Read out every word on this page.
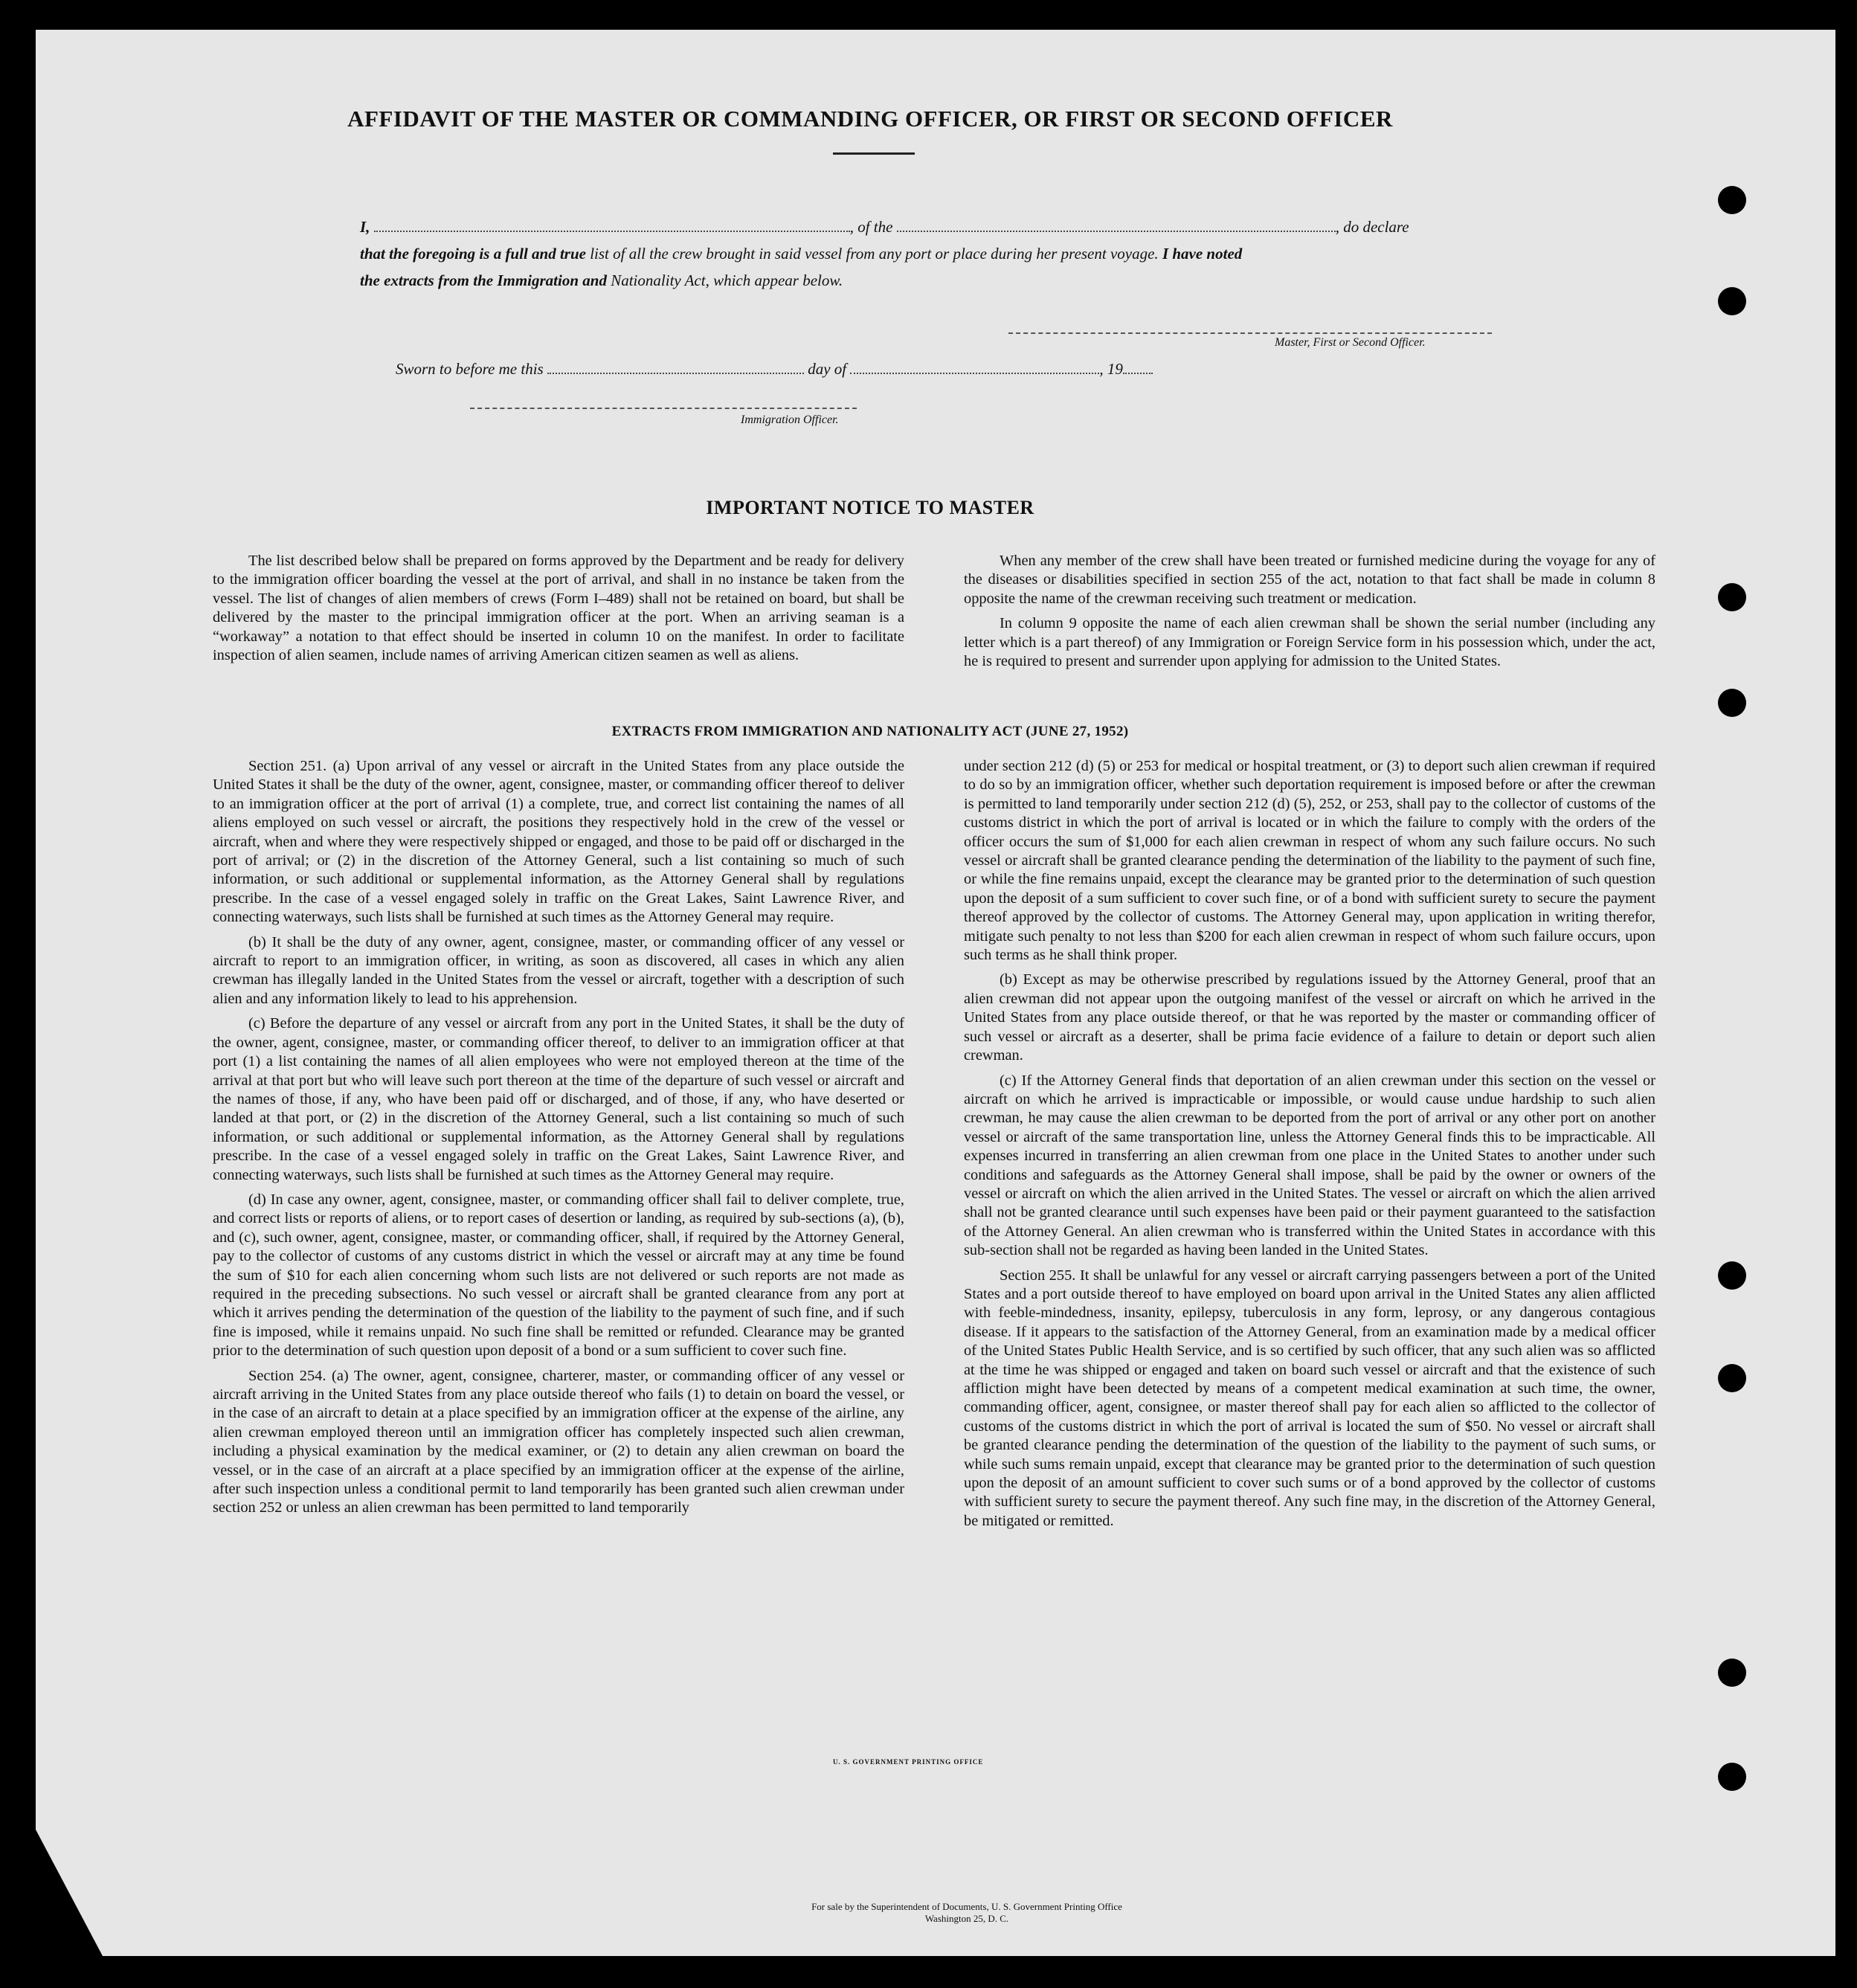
AFFIDAVIT OF THE MASTER OR COMMANDING OFFICER, OR FIRST OR SECOND OFFICER
I,	, of the	, do declare
that the foregoing is a full and true list of all the crew brought in said vessel from any port or place during her present voyage. I have noted
the extracts from the Immigration and Nationality Act, which appear below.
Master, First or Second Officer.
Sworn to before me this	day of	, 19
Immigration Officer.
IMPORTANT NOTICE TO MASTER

The list described below shall be prepared on forms approved by the Department and be ready for delivery to the immigration officer boarding the vessel at the port of arrival, and shall in no instance be taken from the vessel. The list of changes of alien members of crews (Form I–489) shall not be retained on board, but shall be delivered by the master to the principal immigration officer at the port. When an arriving seaman is a “workaway” a notation to that effect should be inserted in column 10 on the manifest. In order to facilitate inspection of alien seamen, include names of arriving American citizen seamen as well as aliens.

When any member of the crew shall have been treated or furnished medicine during the voyage for any of the diseases or disabilities specified in section 255 of the act, notation to that fact shall be made in column 8 opposite the name of the crewman receiving such treatment or medication.

In column 9 opposite the name of each alien crewman shall be shown the serial number (including any letter which is a part thereof) of any Immigration or Foreign Service form in his possession which, under the act, he is required to present and surrender upon applying for admission to the United States.

EXTRACTS FROM IMMIGRATION AND NATIONALITY ACT (JUNE 27, 1952)

Section 251. (a) Upon arrival of any vessel or aircraft in the United States from any place outside the United States it shall be the duty of the owner, agent, consignee, master, or commanding officer thereof to deliver to an immigration officer at the port of arrival (1) a complete, true, and correct list containing the names of all aliens employed on such vessel or aircraft, the positions they respectively hold in the crew of the vessel or aircraft, when and where they were respectively shipped or engaged, and those to be paid off or discharged in the port of arrival; or (2) in the discretion of the Attorney General, such a list containing so much of such information, or such additional or supplemental information, as the Attorney General shall by regulations prescribe. In the case of a vessel engaged solely in traffic on the Great Lakes, Saint Lawrence River, and connecting waterways, such lists shall be furnished at such times as the Attorney General may require.

(b) It shall be the duty of any owner, agent, consignee, master, or commanding officer of any vessel or aircraft to report to an immigration officer, in writing, as soon as discovered, all cases in which any alien crewman has illegally landed in the United States from the vessel or aircraft, together with a description of such alien and any information likely to lead to his apprehension.

(c) Before the departure of any vessel or aircraft from any port in the United States, it shall be the duty of the owner, agent, consignee, master, or commanding officer thereof, to deliver to an immigration officer at that port (1) a list containing the names of all alien employees who were not employed thereon at the time of the arrival at that port but who will leave such port thereon at the time of the departure of such vessel or aircraft and the names of those, if any, who have been paid off or discharged, and of those, if any, who have deserted or landed at that port, or (2) in the discretion of the Attorney General, such a list containing so much of such information, or such additional or supplemental information, as the Attorney General shall by regulations prescribe. In the case of a vessel engaged solely in traffic on the Great Lakes, Saint Lawrence River, and connecting waterways, such lists shall be furnished at such times as the Attorney General may require.

(d) In case any owner, agent, consignee, master, or commanding officer shall fail to deliver complete, true, and correct lists or reports of aliens, or to report cases of desertion or landing, as required by sub-sections (a), (b), and (c), such owner, agent, consignee, master, or commanding officer, shall, if required by the Attorney General, pay to the collector of customs of any customs district in which the vessel or aircraft may at any time be found the sum of $10 for each alien concerning whom such lists are not delivered or such reports are not made as required in the preceding subsections. No such vessel or aircraft shall be granted clearance from any port at which it arrives pending the determination of the question of the liability to the payment of such fine, and if such fine is imposed, while it remains unpaid. No such fine shall be remitted or refunded. Clearance may be granted prior to the determination of such question upon deposit of a bond or a sum sufficient to cover such fine.

Section 254. (a) The owner, agent, consignee, charterer, master, or commanding officer of any vessel or aircraft arriving in the United States from any place outside thereof who fails (1) to detain on board the vessel, or in the case of an aircraft to detain at a place specified by an immigration officer at the expense of the airline, any alien crewman employed thereon until an immigration officer has completely inspected such alien crewman, including a physical examination by the medical examiner, or (2) to detain any alien crewman on board the vessel, or in the case of an aircraft at a place specified by an immigration officer at the expense of the airline, after such inspection unless a conditional permit to land temporarily has been granted such alien crewman under section 252 or unless an alien crewman has been permitted to land temporarily

under section 212 (d) (5) or 253 for medical or hospital treatment, or (3) to deport such alien crewman if required to do so by an immigration officer, whether such deportation requirement is imposed before or after the crewman is permitted to land temporarily under section 212 (d) (5), 252, or 253, shall pay to the collector of customs of the customs district in which the port of arrival is located or in which the failure to comply with the orders of the officer occurs the sum of $1,000 for each alien crewman in respect of whom any such failure occurs. No such vessel or aircraft shall be granted clearance pending the determination of the liability to the payment of such fine, or while the fine remains unpaid, except the clearance may be granted prior to the determination of such question upon the deposit of a sum sufficient to cover such fine, or of a bond with sufficient surety to secure the payment thereof approved by the collector of customs. The Attorney General may, upon application in writing therefor, mitigate such penalty to not less than $200 for each alien crewman in respect of whom such failure occurs, upon such terms as he shall think proper.

(b) Except as may be otherwise prescribed by regulations issued by the Attorney General, proof that an alien crewman did not appear upon the outgoing manifest of the vessel or aircraft on which he arrived in the United States from any place outside thereof, or that he was reported by the master or commanding officer of such vessel or aircraft as a deserter, shall be prima facie evidence of a failure to detain or deport such alien crewman.

(c) If the Attorney General finds that deportation of an alien crewman under this section on the vessel or aircraft on which he arrived is impracticable or impossible, or would cause undue hardship to such alien crewman, he may cause the alien crewman to be deported from the port of arrival or any other port on another vessel or aircraft of the same transportation line, unless the Attorney General finds this to be impracticable. All expenses incurred in transferring an alien crewman from one place in the United States to another under such conditions and safeguards as the Attorney General shall impose, shall be paid by the owner or owners of the vessel or aircraft on which the alien arrived in the United States. The vessel or aircraft on which the alien arrived shall not be granted clearance until such expenses have been paid or their payment guaranteed to the satisfaction of the Attorney General. An alien crewman who is transferred within the United States in accordance with this sub-section shall not be regarded as having been landed in the United States.

Section 255. It shall be unlawful for any vessel or aircraft carrying passengers between a port of the United States and a port outside thereof to have employed on board upon arrival in the United States any alien afflicted with feeble-mindedness, insanity, epilepsy, tuberculosis in any form, leprosy, or any dangerous contagious disease. If it appears to the satisfaction of the Attorney General, from an examination made by a medical officer of the United States Public Health Service, and is so certified by such officer, that any such alien was so afflicted at the time he was shipped or engaged and taken on board such vessel or aircraft and that the existence of such affliction might have been detected by means of a competent medical examination at such time, the owner, commanding officer, agent, consignee, or master thereof shall pay for each alien so afflicted to the collector of customs of the customs district in which the port of arrival is located the sum of $50. No vessel or aircraft shall be granted clearance pending the determination of the question of the liability to the payment of such sums, or while such sums remain unpaid, except that clearance may be granted prior to the determination of such question upon the deposit of an amount sufficient to cover such sums or of a bond approved by the collector of customs with sufficient surety to secure the payment thereof. Any such fine may, in the discretion of the Attorney General, be mitigated or remitted.

U. S. GOVERNMENT PRINTING OFFICE
For sale by the Superintendent of Documents, U. S. Government Printing Office
Washington 25, D. C.
